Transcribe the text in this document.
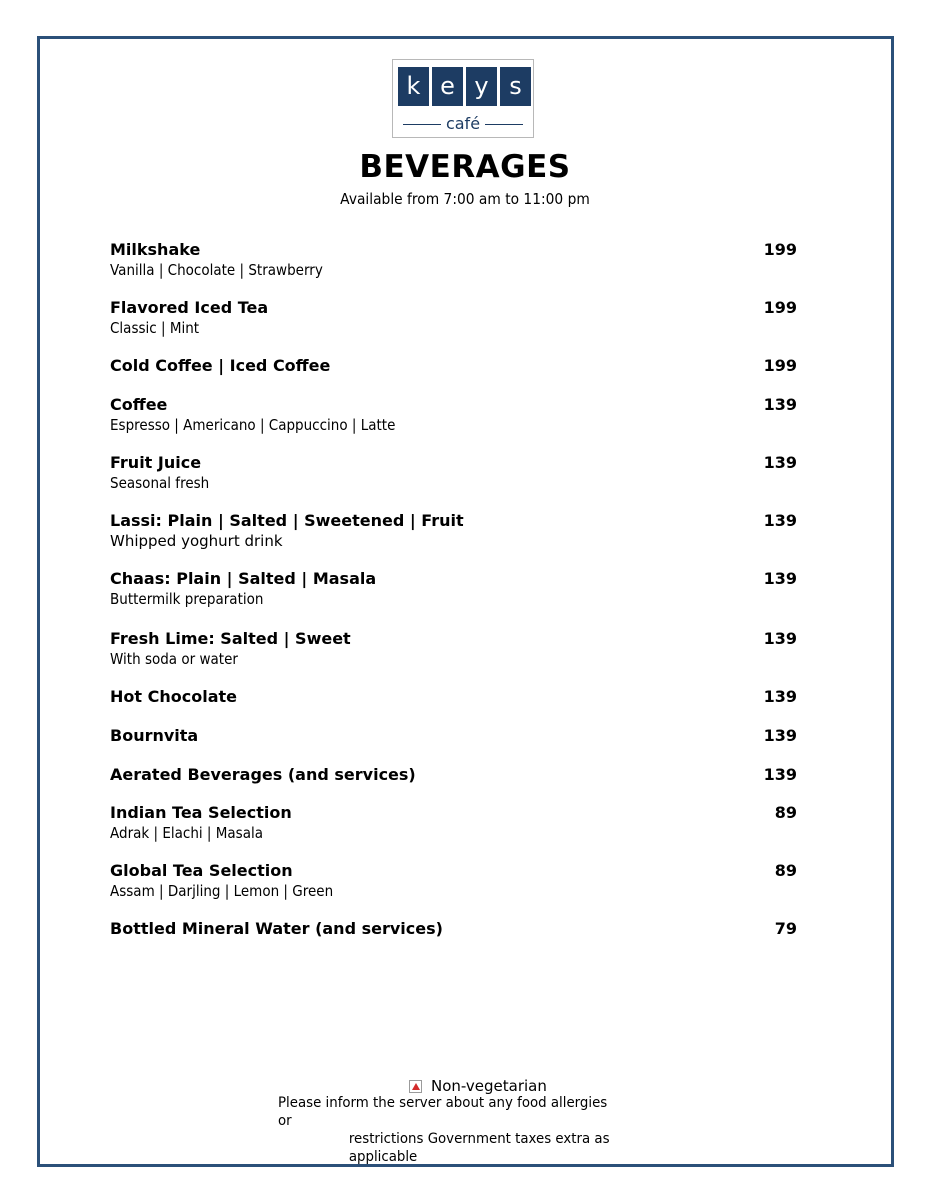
k e y s
café
BEVERAGES
Available from 7:00 am to 11:00 pm
Milkshake	199
Vanilla | Chocolate | Strawberry
Flavored Iced Tea	199
Classic | Mint
Cold Coffee | Iced Coffee	199
Coffee	139
Espresso | Americano | Cappuccino | Latte
Fruit Juice	139
Seasonal fresh
Lassi: Plain | Salted | Sweetened | Fruit	139
Whipped yoghurt drink
Chaas: Plain | Salted | Masala	139
Buttermilk preparation
Fresh Lime: Salted | Sweet	139
With soda or water
Hot Chocolate	139
Bournvita	139
Aerated Beverages (and services)	139
Indian Tea Selection	89
Adrak | Elachi | Masala
Global Tea Selection	89
Assam | Darjling | Lemon | Green
Bottled Mineral Water (and services)	79
Non-vegetarian
Please inform the server about any food allergies or
restrictions Government taxes extra as
applicable
